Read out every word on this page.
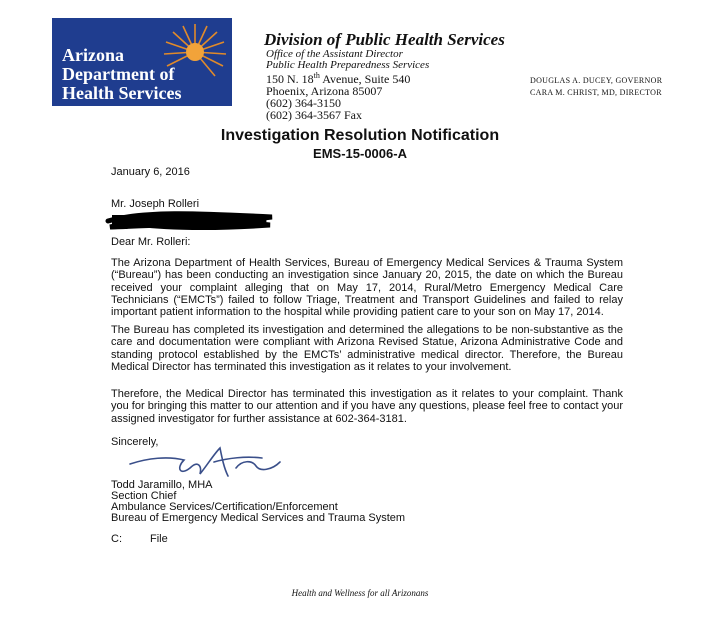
Arizona
Department of
Health Services
Division of Public Health Services
Office of the Assistant Director
Public Health Preparedness Services
150 N. 18th Avenue, Suite 540
Phoenix, Arizona 85007
(602) 364-3150
(602) 364-3567 Fax
DOUGLAS A. DUCEY, GOVERNOR
CARA M. CHRIST, MD, DIRECTOR
Investigation Resolution Notification
EMS-15-0006-A
January 6, 2016
Mr. Joseph Rolleri
Dear Mr. Rolleri:
The Arizona Department of Health Services, Bureau of Emergency Medical Services & Trauma System (“Bureau”) has been conducting an investigation since January 20, 2015, the date on which the Bureau received your complaint alleging that on May 17, 2014, Rural/Metro Emergency Medical Care Technicians (“EMCTs”) failed to follow Triage, Treatment and Transport Guidelines and failed to relay important patient information to the hospital while providing patient care to your son on May 17, 2014.
The Bureau has completed its investigation and determined the allegations to be non-substantive as the care and documentation were compliant with Arizona Revised Statue, Arizona Administrative Code and standing protocol established by the EMCTs’ administrative medical director. Therefore, the Bureau Medical Director has terminated this investigation as it relates to your involvement.
Therefore, the Medical Director has terminated this investigation as it relates to your complaint. Thank you for bringing this matter to our attention and if you have any questions, please feel free to contact your assigned investigator for further assistance at 602-364-3181.
Sincerely,
Todd Jaramillo, MHA
Section Chief
Ambulance Services/Certification/Enforcement
Bureau of Emergency Medical Services and Trauma System
C:	File
Health and Wellness for all Arizonans
